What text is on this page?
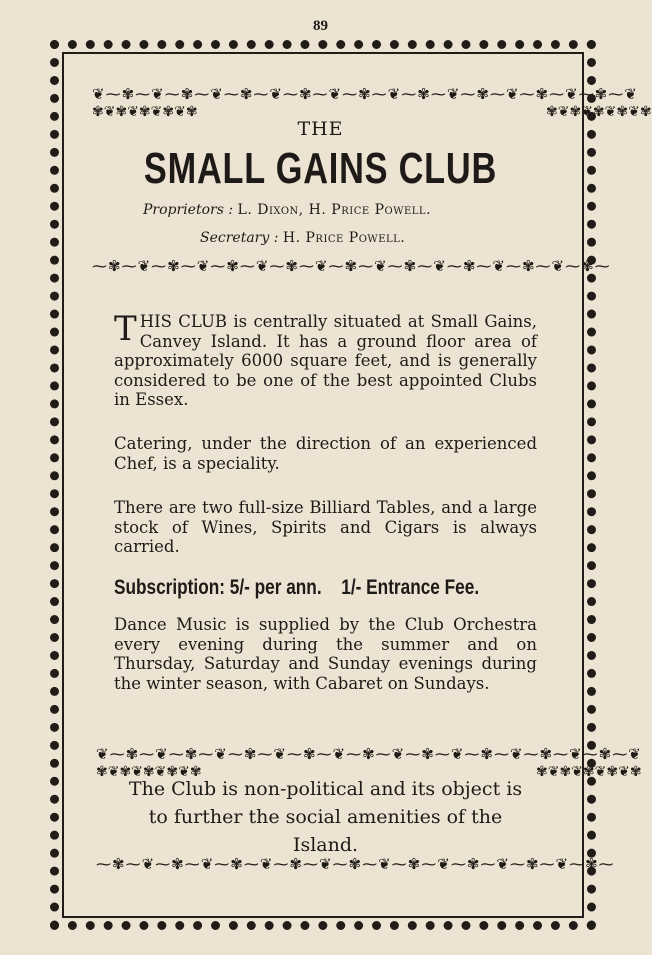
89
❦⁓✾⁓❦⁓✾⁓❦⁓✾⁓❦⁓✾⁓❦⁓✾⁓❦⁓✾⁓❦⁓✾⁓❦⁓✾⁓❦⁓✾⁓❦
⁓✾⁓❦⁓✾⁓❦⁓✾⁓❦⁓✾⁓❦⁓✾⁓❦⁓✾⁓❦⁓✾⁓❦⁓✾⁓❦⁓✾⁓
✾❦✾❦✾❦✾❦✾	✾❦✾❦✾❦✾❦✾
THE
SMALL GAINS CLUB
Proprietors : L. Dixon, H. Price Powell.
Secretary : H. Price Powell.
THIS CLUB is centrally situated at Small Gains, Canvey Island. It has a ground floor area of approximately 6000 square feet, and is generally considered to be one of the best appointed Clubs in Essex.
Catering, under the direction of an experienced Chef, is a speciality.
There are two full-size Billiard Tables, and a large stock of Wines, Spirits and Cigars is always carried.
Subscription: 5/- per ann. 1/- Entrance Fee.
Dance Music is supplied by the Club Orchestra every evening during the summer and on Thursday, Saturday and Sunday evenings during the winter season, with Cabaret on Sundays.
❦⁓✾⁓❦⁓✾⁓❦⁓✾⁓❦⁓✾⁓❦⁓✾⁓❦⁓✾⁓❦⁓✾⁓❦⁓✾⁓❦⁓✾⁓❦
⁓✾⁓❦⁓✾⁓❦⁓✾⁓❦⁓✾⁓❦⁓✾⁓❦⁓✾⁓❦⁓✾⁓❦⁓✾⁓❦⁓✾⁓
✾❦✾❦✾❦✾❦✾	✾❦✾❦✾❦✾❦✾
The Club is non-political and its object is to further the social amenities of the Island.
